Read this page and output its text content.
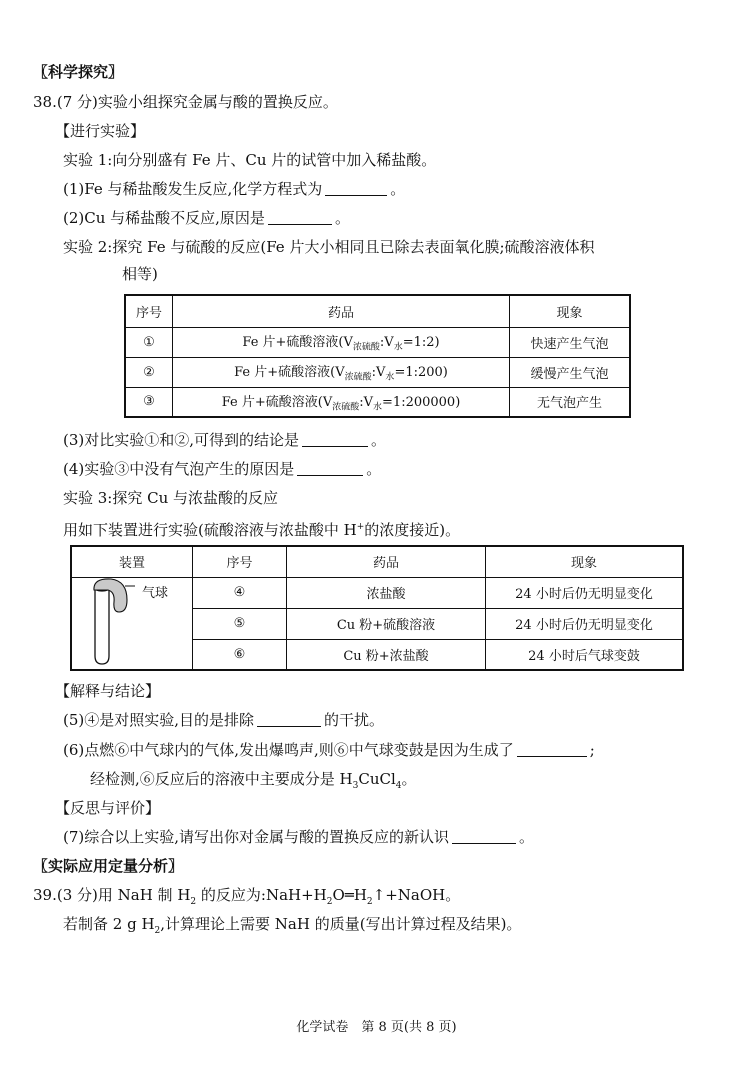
〖科学探究〗
38.(7 分)实验小组探究金属与酸的置换反应。
【进行实验】
实验 1:向分别盛有 Fe 片、Cu 片的试管中加入稀盐酸。
(1)Fe 与稀盐酸发生反应,化学方程式为	。
(2)Cu 与稀盐酸不反应,原因是	。
实验 2:探究 Fe 与硫酸的反应(Fe 片大小相同且已除去表面氧化膜;硫酸溶液体积
相等)
序号	药品	现象
①	Fe 片+硫酸溶液$(V_{浓硫酸}:V_水=1:2)$	快速产生气泡
②	Fe 片+硫酸溶液$(V_{浓硫酸}:V_水=1:200)$	缓慢产生气泡
③	Fe 片+硫酸溶液$(V_{浓硫酸}:V_水=1:200000)$	无气泡产生
(3)对比实验①和②,可得到的结论是	。
(4)实验③中没有气泡产生的原因是	。
实验 3:探究 Cu 与浓盐酸的反应
用如下装置进行实验(硫酸溶液与浓盐酸中 H+的浓度接近)。
装置	序号	药品	现象

气球	④	浓盐酸	24 小时后仍无明显变化
	⑤	Cu 粉+硫酸溶液	24 小时后仍无明显变化
	⑥	Cu 粉+浓盐酸	24 小时后气球变鼓
【解释与结论】
(5)④是对照实验,目的是排除	的干扰。
(6)点燃⑥中气球内的气体,发出爆鸣声,则⑥中气球变鼓是因为生成了	;
经检测,⑥反应后的溶液中主要成分是 $H_3CuCl_4$。
【反思与评价】
(7)综合以上实验,请写出你对金属与酸的置换反应的新认识	。
〖实际应用定量分析〗
39.(3 分)用 NaH 制 $H_2$ 的反应为$:NaH+H_2O═H_2↑+NaOH$。
若制备 2 g $H_2$,计算理论上需要 NaH 的质量(写出计算过程及结果)。
化学试卷　第 8 页(共 8 页)
